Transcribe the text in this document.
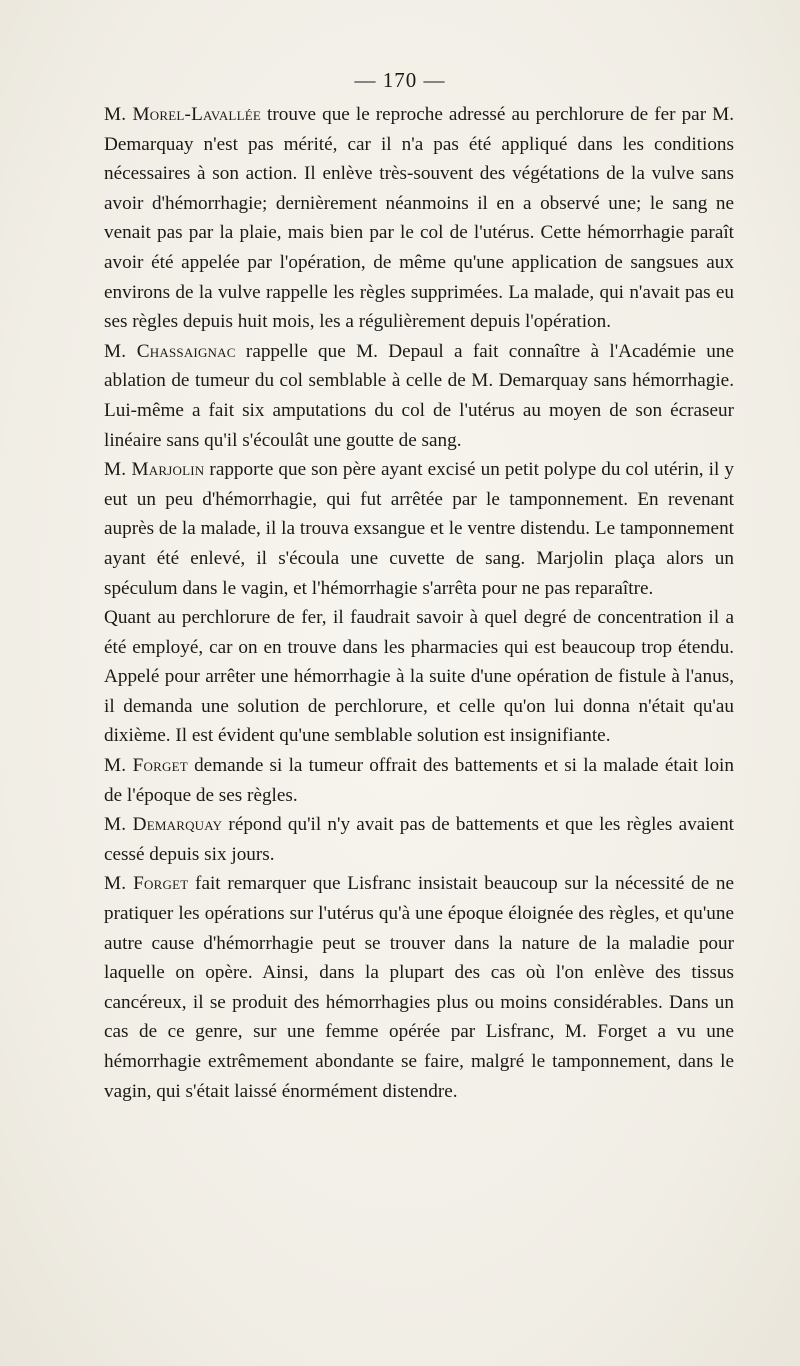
— 170 —

M. Morel-Lavallée trouve que le reproche adressé au perchlorure de fer par M. Demarquay n'est pas mérité, car il n'a pas été appliqué dans les conditions nécessaires à son action. Il enlève très-souvent des végétations de la vulve sans avoir d'hémorrhagie; dernièrement néanmoins il en a observé une; le sang ne venait pas par la plaie, mais bien par le col de l'utérus. Cette hémorrhagie paraît avoir été appelée par l'opération, de même qu'une application de sangsues aux environs de la vulve rappelle les règles supprimées. La malade, qui n'avait pas eu ses règles depuis huit mois, les a régulièrement depuis l'opération.

M. Chassaignac rappelle que M. Depaul a fait connaître à l'Académie une ablation de tumeur du col semblable à celle de M. Demarquay sans hémorrhagie. Lui-même a fait six amputations du col de l'utérus au moyen de son écraseur linéaire sans qu'il s'écoulât une goutte de sang.

M. Marjolin rapporte que son père ayant excisé un petit polype du col utérin, il y eut un peu d'hémorrhagie, qui fut arrêtée par le tamponnement. En revenant auprès de la malade, il la trouva exsangue et le ventre distendu. Le tamponnement ayant été enlevé, il s'écoula une cuvette de sang. Marjolin plaça alors un spéculum dans le vagin, et l'hémorrhagie s'arrêta pour ne pas reparaître.

Quant au perchlorure de fer, il faudrait savoir à quel degré de concentration il a été employé, car on en trouve dans les pharmacies qui est beaucoup trop étendu. Appelé pour arrêter une hémorrhagie à la suite d'une opération de fistule à l'anus, il demanda une solution de perchlorure, et celle qu'on lui donna n'était qu'au dixième. Il est évident qu'une semblable solution est insignifiante.

M. Forget demande si la tumeur offrait des battements et si la malade était loin de l'époque de ses règles.

M. Demarquay répond qu'il n'y avait pas de battements et que les règles avaient cessé depuis six jours.

M. Forget fait remarquer que Lisfranc insistait beaucoup sur la nécessité de ne pratiquer les opérations sur l'utérus qu'à une époque éloignée des règles, et qu'une autre cause d'hémorrhagie peut se trouver dans la nature de la maladie pour laquelle on opère. Ainsi, dans la plupart des cas où l'on enlève des tissus cancéreux, il se produit des hémorrhagies plus ou moins considérables. Dans un cas de ce genre, sur une femme opérée par Lisfranc, M. Forget a vu une hémorrhagie extrêmement abondante se faire, malgré le tamponnement, dans le vagin, qui s'était laissé énormément distendre.
